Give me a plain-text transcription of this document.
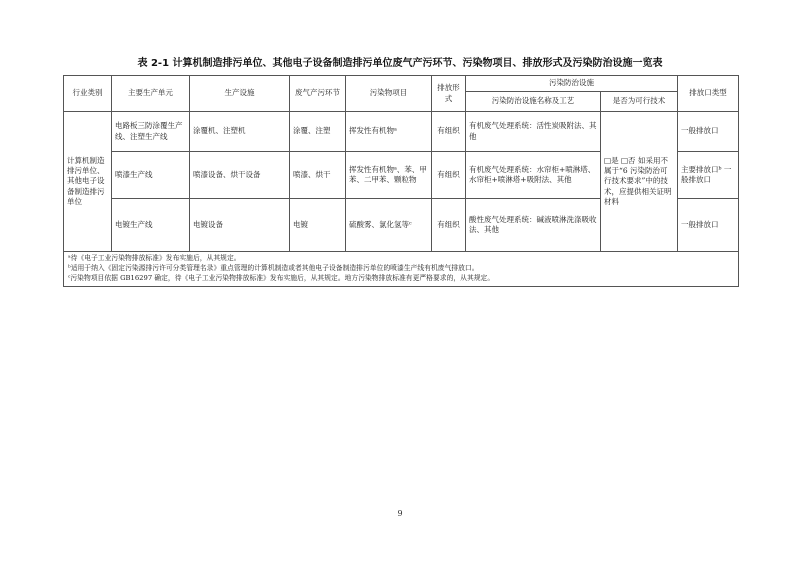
表 2-1 计算机制造排污单位、其他电子设备制造排污单位废气产污环节、污染物项目、排放形式及污染防治设施一览表
行业类别	主要生产单元	生产设施	废气产污环节	污染物项目	排放形式	污染防治设施		排放口类型
						污染防治设施名称及工艺	是否为可行技术	
计算机制造排污单位、其他电子设备制造排污单位	电路板三防涂覆生产线、注塑生产线	涂覆机、注塑机	涂覆、注塑	挥发性有机物ᵃ	有组织	有机废气处理系统：活性炭吸附法、其他	□是 □否 如采用不属于“6 污染防治可行技术要求”中的技术，应提供相关证明材料	一般排放口
	喷漆生产线	喷漆设备、烘干设备	喷漆、烘干	挥发性有机物ᵃ、苯、甲苯、二甲苯、颗粒物	有组织	有机废气处理系统：水帘柜+喷淋塔、水帘柜+喷淋塔+吸附法、其他		主要排放口ᵇ 一般排放口
	电镀生产线	电镀设备	电镀	硫酸雾、氯化氢等ᶜ	有组织	酸性废气处理系统：碱液喷淋洗涤吸收法、其他		一般排放口

ᵃ待《电子工业污染物排放标准》发布实施后，从其规定。
ᵇ适用于纳入《固定污染源排污许可分类管理名录》重点管理的计算机制造或者其他电子设备制造排污单位的喷漆生产线有机废气排放口。
ᶜ污染物项目依据 GB16297 确定，待《电子工业污染物排放标准》发布实施后，从其规定。地方污染物排放标准有更严格要求的，从其规定。								
9
